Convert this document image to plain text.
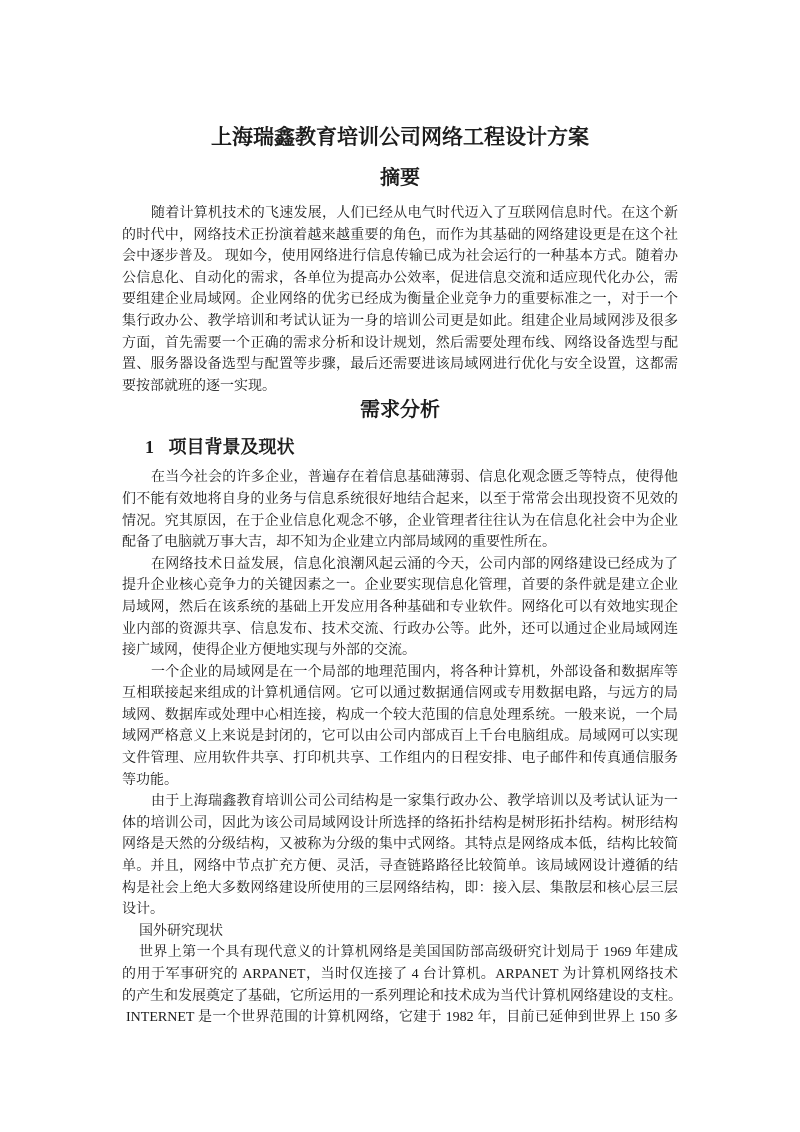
上海瑞鑫教育培训公司网络工程设计方案
摘要
随着计算机技术的飞速发展，人们已经从电气时代迈入了互联网信息时代。在这个新
的时代中，网络技术正扮演着越来越重要的角色，而作为其基础的网络建设更是在这个社
会中逐步普及。 现如今，使用网络进行信息传输已成为社会运行的一种基本方式。随着办
公信息化、自动化的需求，各单位为提高办公效率，促进信息交流和适应现代化办公，需
要组建企业局域网。企业网络的优劣已经成为衡量企业竞争力的重要标准之一，对于一个
集行政办公、教学培训和考试认证为一身的培训公司更是如此。组建企业局域网涉及很多
方面，首先需要一个正确的需求分析和设计规划，然后需要处理布线、网络设备选型与配
置、服务器设备选型与配置等步骤，最后还需要进该局域网进行优化与安全设置，这都需
要按部就班的逐一实现。
需求分析
1 项目背景及现状
在当今社会的许多企业，普遍存在着信息基础薄弱、信息化观念匮乏等特点，使得他
们不能有效地将自身的业务与信息系统很好地结合起来，以至于常常会出现投资不见效的
情况。究其原因，在于企业信息化观念不够，企业管理者往往认为在信息化社会中为企业
配备了电脑就万事大吉，却不知为企业建立内部局域网的重要性所在。
在网络技术日益发展，信息化浪潮风起云涌的今天，公司内部的网络建设已经成为了
提升企业核心竞争力的关键因素之一。企业要实现信息化管理，首要的条件就是建立企业
局域网，然后在该系统的基础上开发应用各种基础和专业软件。网络化可以有效地实现企
业内部的资源共享、信息发布、技术交流、行政办公等。此外，还可以通过企业局域网连
接广域网，使得企业方便地实现与外部的交流。
一个企业的局域网是在一个局部的地理范围内，将各种计算机，外部设备和数据库等
互相联接起来组成的计算机通信网。它可以通过数据通信网或专用数据电路，与远方的局
域网、数据库或处理中心相连接，构成一个较大范围的信息处理系统。一般来说，一个局
域网严格意义上来说是封闭的，它可以由公司内部成百上千台电脑组成。局域网可以实现
文件管理、应用软件共享、打印机共享、工作组内的日程安排、电子邮件和传真通信服务
等功能。
由于上海瑞鑫教育培训公司公司结构是一家集行政办公、教学培训以及考试认证为一
体的培训公司，因此为该公司局域网设计所选择的络拓扑结构是树形拓扑结构。树形结构
网络是天然的分级结构，又被称为分级的集中式网络。其特点是网络成本低，结构比较简
单。并且，网络中节点扩充方便、灵活，寻查链路路径比较简单。该局域网设计遵循的结
构是社会上绝大多数网络建设所使用的三层网络结构，即：接入层、集散层和核心层三层
设计。
国外研究现状
世界上第一个具有现代意义的计算机网络是美国国防部高级研究计划局于 1969 年建成
的用于军事研究的 ARPANET，当时仅连接了 4 台计算机。ARPANET 为计算机网络技术
的产生和发展奠定了基础，它所运用的一系列理论和技术成为当代计算机网络建设的支柱。
INTERNET 是一个世界范围的计算机网络，它建于 1982 年，目前已延伸到世界上 150 多
